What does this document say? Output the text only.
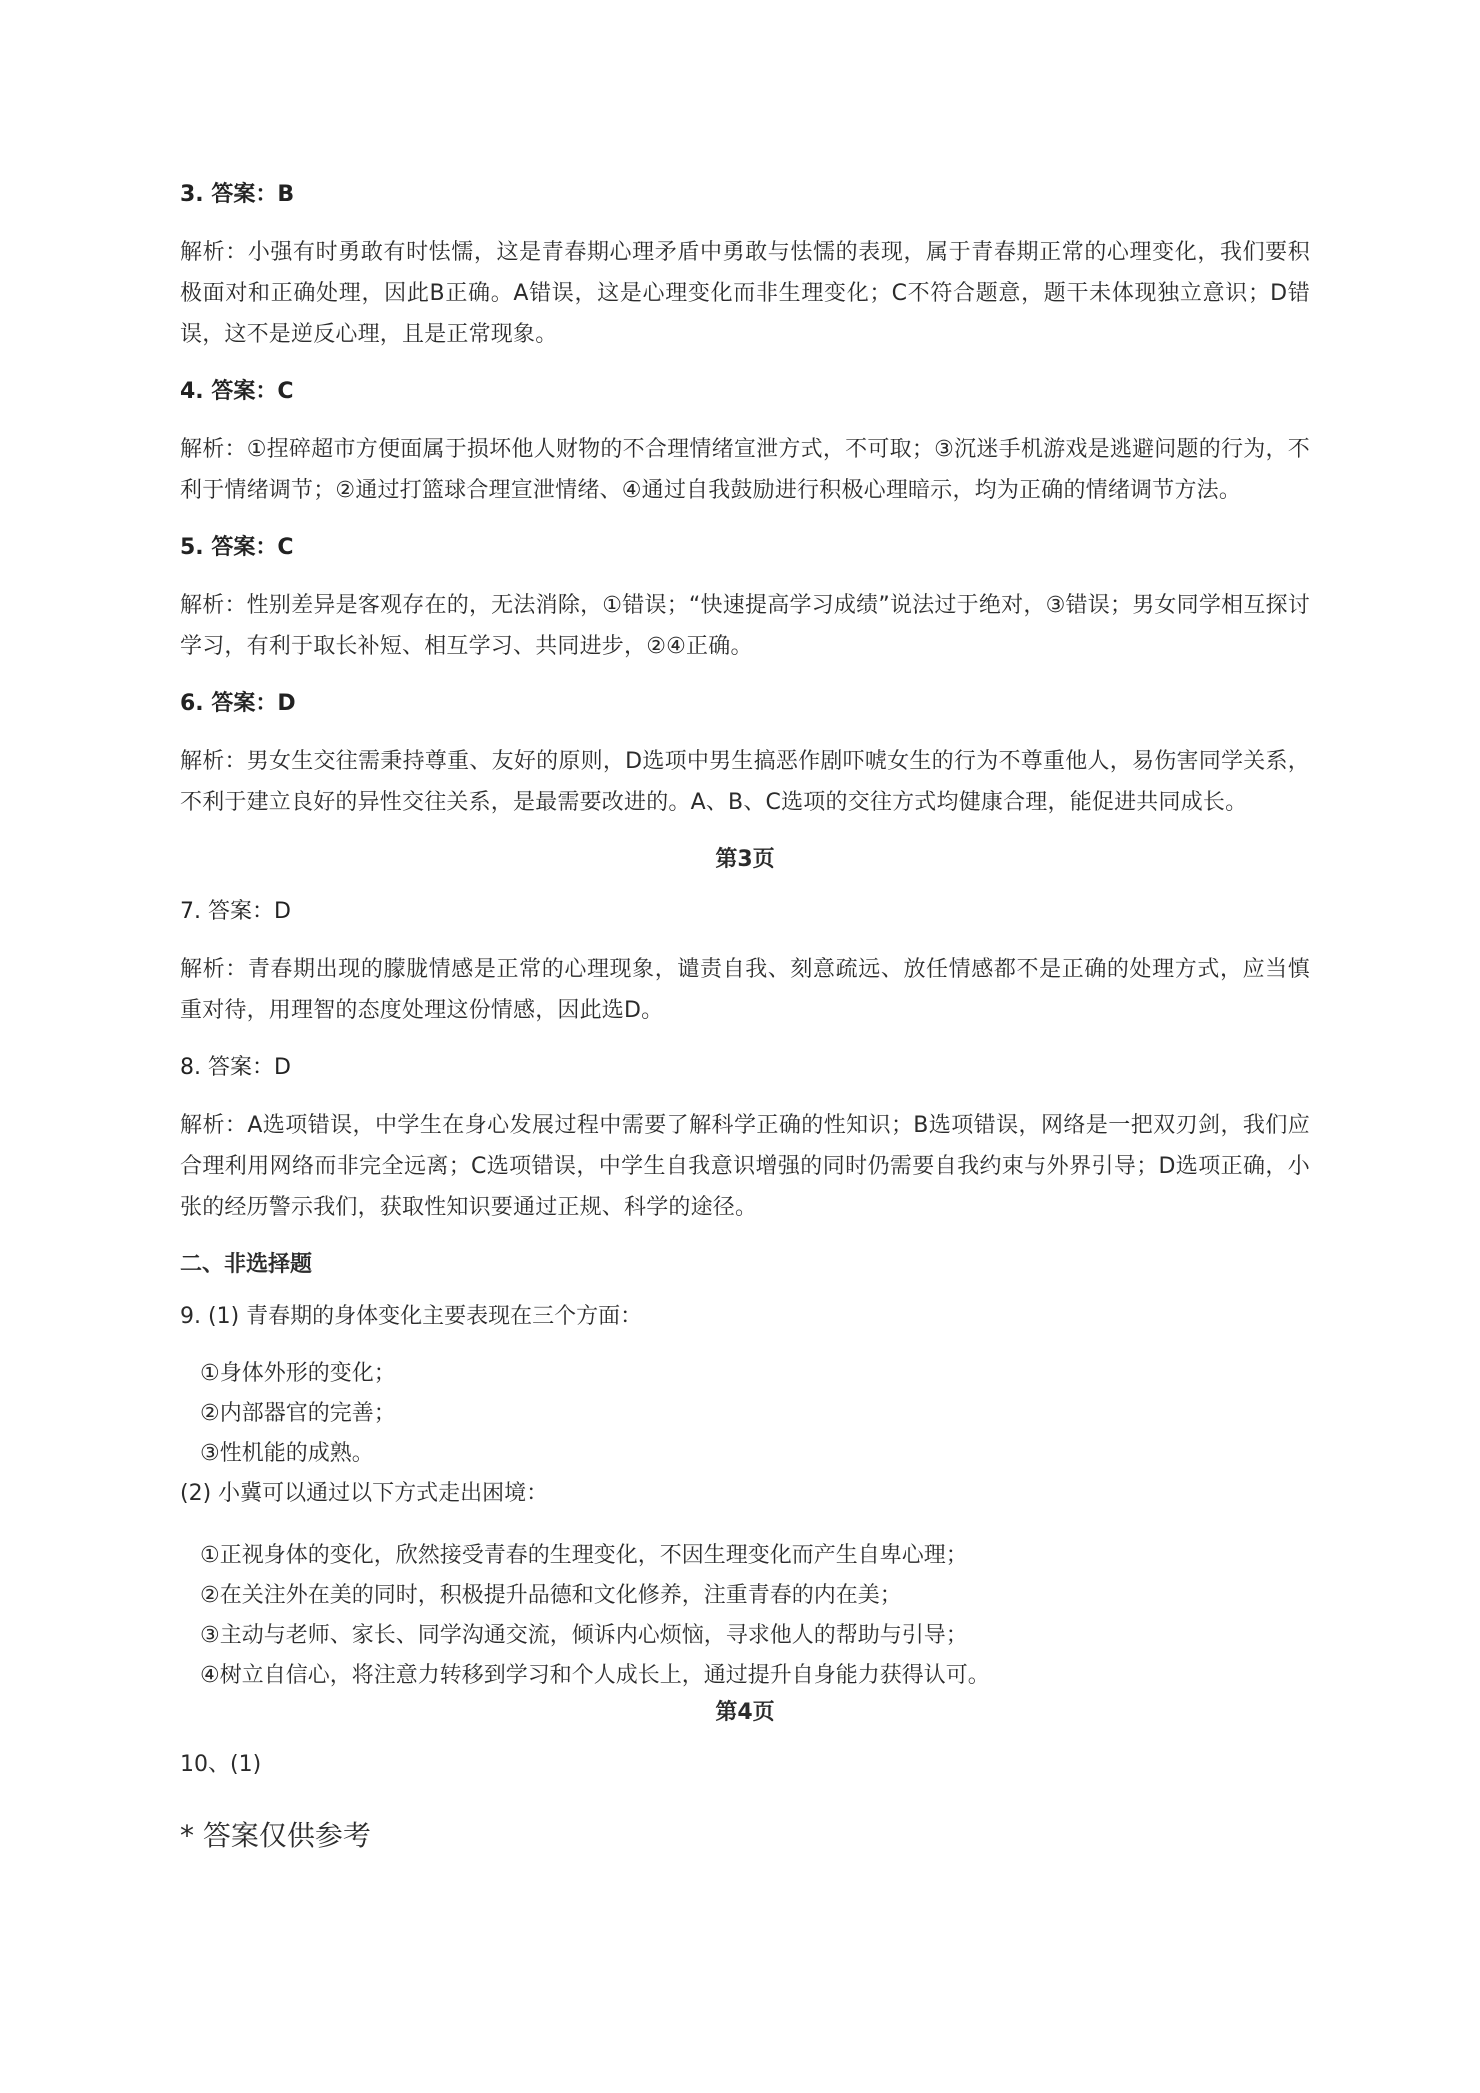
3. 答案：B
解析：小强有时勇敢有时怯懦，这是青春期心理矛盾中勇敢与怯懦的表现，属于青春期正常的心理变化，我们要积极面对和正确处理，因此B正确。A错误，这是心理变化而非生理变化；C不符合题意，题干未体现独立意识；D错误，这不是逆反心理，且是正常现象。
4. 答案：C
解析：①捏碎超市方便面属于损坏他人财物的不合理情绪宣泄方式，不可取；③沉迷手机游戏是逃避问题的行为，不利于情绪调节；②通过打篮球合理宣泄情绪、④通过自我鼓励进行积极心理暗示，均为正确的情绪调节方法。
5. 答案：C
解析：性别差异是客观存在的，无法消除，①错误；“快速提高学习成绩”说法过于绝对，③错误；男女同学相互探讨学习，有利于取长补短、相互学习、共同进步，②④正确。
6. 答案：D
解析：男女生交往需秉持尊重、友好的原则，D选项中男生搞恶作剧吓唬女生的行为不尊重他人，易伤害同学关系，不利于建立良好的异性交往关系，是最需要改进的。A、B、C选项的交往方式均健康合理，能促进共同成长。
第3页
7. 答案：D
解析：青春期出现的朦胧情感是正常的心理现象，谴责自我、刻意疏远、放任情感都不是正确的处理方式，应当慎重对待，用理智的态度处理这份情感，因此选D。
8. 答案：D
解析：A选项错误，中学生在身心发展过程中需要了解科学正确的性知识；B选项错误，网络是一把双刃剑，我们应合理利用网络而非完全远离；C选项错误，中学生自我意识增强的同时仍需要自我约束与外界引导；D选项正确，小张的经历警示我们，获取性知识要通过正规、科学的途径。
二、非选择题
9. (1) 青春期的身体变化主要表现在三个方面：
①身体外形的变化；
②内部器官的完善；
③性机能的成熟。
(2) 小冀可以通过以下方式走出困境：
①正视身体的变化，欣然接受青春的生理变化，不因生理变化而产生自卑心理；
②在关注外在美的同时，积极提升品德和文化修养，注重青春的内在美；
③主动与老师、家长、同学沟通交流，倾诉内心烦恼，寻求他人的帮助与引导；
④树立自信心，将注意力转移到学习和个人成长上，通过提升自身能力获得认可。
第4页
10、(1)
* 答案仅供参考
